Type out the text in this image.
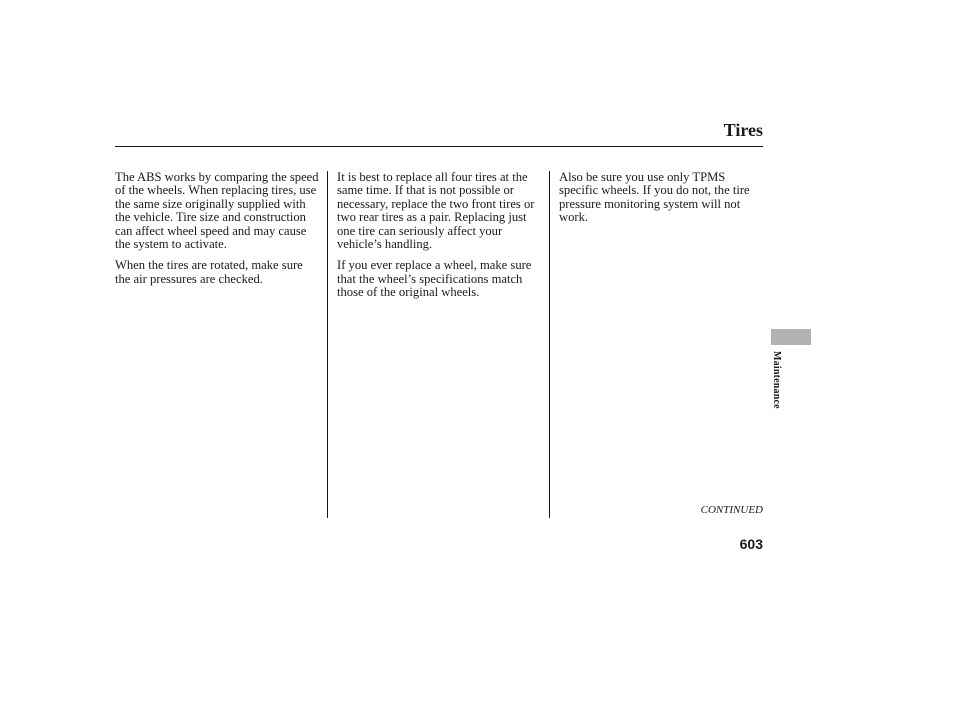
Tires

The ABS works by comparing the speed of the wheels. When replacing tires, use the same size originally supplied with the vehicle. Tire size and construction can affect wheel speed and may cause the system to activate.

When the tires are rotated, make sure the air pressures are checked.

It is best to replace all four tires at the same time. If that is not possible or necessary, replace the two front tires or two rear tires as a pair. Replacing just one tire can seriously affect your vehicle’s handling.

If you ever replace a wheel, make sure that the wheel’s specifications match those of the original wheels.

Also be sure you use only TPMS specific wheels. If you do not, the tire pressure monitoring system will not work.

CONTINUED
603
Maintenance
